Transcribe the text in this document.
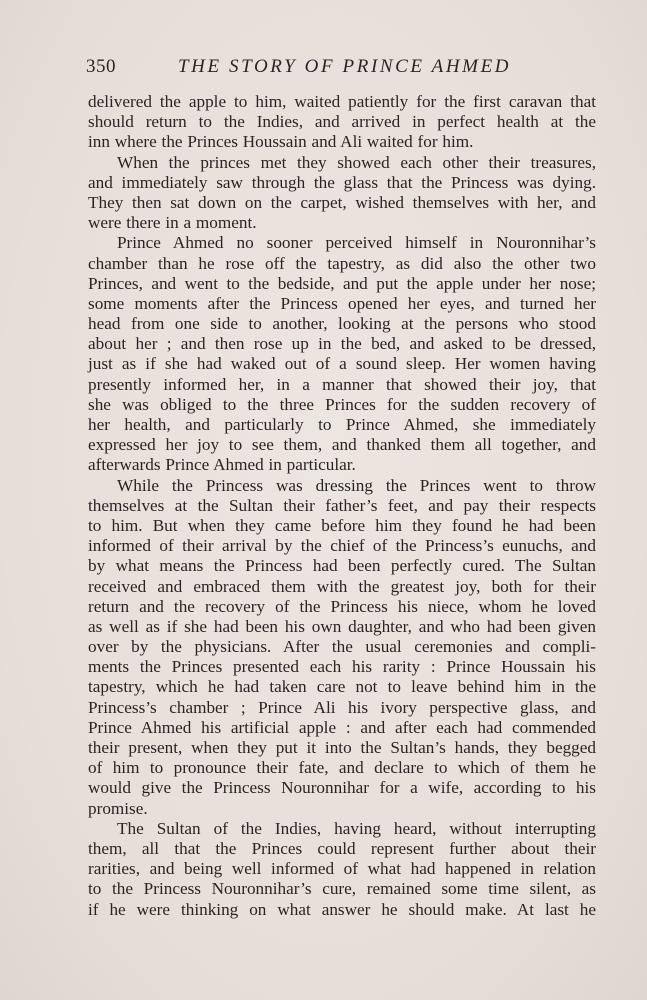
350	THE STORY OF PRINCE AHMED
delivered the apple to him, waited patiently for the first caravan that
should return to the Indies, and arrived in perfect health at the
inn where the Princes Houssain and Ali waited for him.
When the princes met they showed each other their treasures,
and immediately saw through the glass that the Princess was dying.
They then sat down on the carpet, wished themselves with her, and
were there in a moment.
Prince Ahmed no sooner perceived himself in Nouronnihar’s
chamber than he rose off the tapestry, as did also the other two
Princes, and went to the bedside, and put the apple under her nose;
some moments after the Princess opened her eyes, and turned her
head from one side to another, looking at the persons who stood
about her ; and then rose up in the bed, and asked to be dressed,
just as if she had waked out of a sound sleep. Her women having
presently informed her, in a manner that showed their joy, that
she was obliged to the three Princes for the sudden recovery of
her health, and particularly to Prince Ahmed, she immediately
expressed her joy to see them, and thanked them all together, and
afterwards Prince Ahmed in particular.
While the Princess was dressing the Princes went to throw
themselves at the Sultan their father’s feet, and pay their respects
to him. But when they came before him they found he had been
informed of their arrival by the chief of the Princess’s eunuchs, and
by what means the Princess had been perfectly cured. The Sultan
received and embraced them with the greatest joy, both for their
return and the recovery of the Princess his niece, whom he loved
as well as if she had been his own daughter, and who had been given
over by the physicians. After the usual ceremonies and compli-
ments the Princes presented each his rarity : Prince Houssain his
tapestry, which he had taken care not to leave behind him in the
Princess’s chamber ; Prince Ali his ivory perspective glass, and
Prince Ahmed his artificial apple : and after each had commended
their present, when they put it into the Sultan’s hands, they begged
of him to pronounce their fate, and declare to which of them he
would give the Princess Nouronnihar for a wife, according to his
promise.
The Sultan of the Indies, having heard, without interrupting
them, all that the Princes could represent further about their
rarities, and being well informed of what had happened in relation
to the Princess Nouronnihar’s cure, remained some time silent, as
if he were thinking on what answer he should make. At last he
